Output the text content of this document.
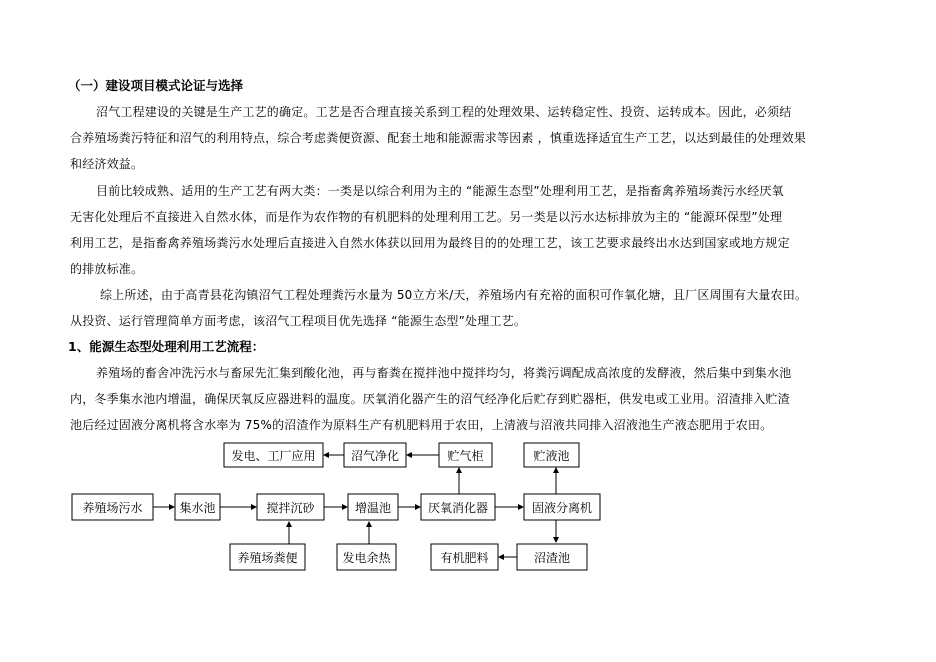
（一）建设项目模式论证与选择
沼气工程建设的关键是生产工艺的确定。工艺是否合理直接关系到工程的处理效果、运转稳定性、投资、运转成本。因此，必须结
合养殖场粪污特征和沼气的利用特点，综合考虑粪便资源、配套土地和能源需求等因素 ，慎重选择适宜生产工艺，以达到最佳的处理效果
和经济效益。
目前比较成熟、适用的生产工艺有两大类：一类是以综合利用为主的 “能源生态型”处理利用工艺，是指畜禽养殖场粪污水经厌氧
无害化处理后不直接进入自然水体，而是作为农作物的有机肥料的处理利用工艺。另一类是以污水达标排放为主的 “能源环保型”处理
利用工艺，是指畜禽养殖场粪污水处理后直接进入自然水体获以回用为最终目的的处理工艺，该工艺要求最终出水达到国家或地方规定
的排放标准。
综上所述，由于高青县花沟镇沼气工程处理粪污水量为 50立方米/天，养殖场内有充裕的面积可作氧化塘，且厂区周围有大量农田。
从投资、运行管理简单方面考虑，该沼气工程项目优先选择 “能源生态型”处理工艺。
1、能源生态型处理利用工艺流程：
养殖场的畜舍冲洗污水与畜尿先汇集到酸化池，再与畜粪在搅拌池中搅拌均匀，将粪污调配成高浓度的发酵液，然后集中到集水池
内，冬季集水池内增温，确保厌氧反应器进料的温度。厌氧消化器产生的沼气经净化后贮存到贮器柜，供发电或工业用。沼渣排入贮渣
池后经过固液分离机将含水率为 75%的沼渣作为原料生产有机肥料用于农田，上清液与沼液共同排入沼液池生产液态肥用于农田。
发电、工厂应用	沼气净化	贮气柜	贮液池
养殖场污水	集水池	搅拌沉砂	增温池	厌氧消化器	固液分离机
养殖场粪便	发电余热	有机肥料	沼渣池
